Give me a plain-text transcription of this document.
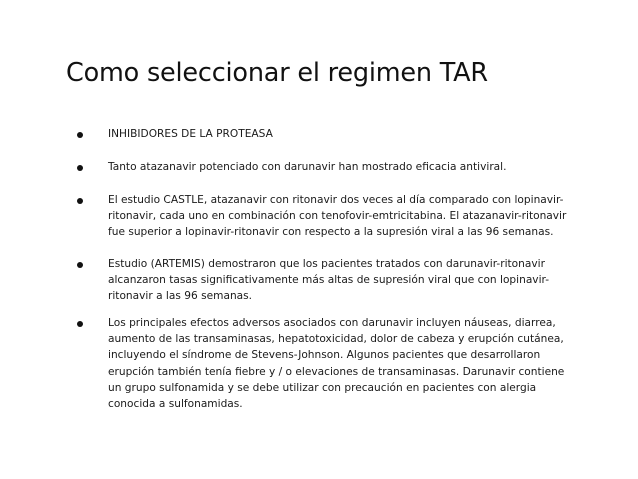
Como seleccionar el regimen TAR

INHIBIDORES DE LA PROTEASA

Tanto atazanavir potenciado con darunavir han mostrado eficacia antiviral.

El estudio CASTLE, atazanavir con ritonavir dos veces al día comparado con lopinavir-
ritonavir, cada uno en combinación con tenofovir-emtricitabina. El atazanavir-ritonavir
fue superior a lopinavir-ritonavir con respecto a la supresión viral a las 96 semanas.

Estudio (ARTEMIS) demostraron que los pacientes tratados con darunavir-ritonavir
alcanzaron tasas significativamente más altas de supresión viral que con lopinavir-
ritonavir a las 96 semanas.

Los principales efectos adversos asociados con darunavir incluyen náuseas, diarrea,
aumento de las transaminasas, hepatotoxicidad, dolor de cabeza y erupción cutánea,
incluyendo el síndrome de Stevens-Johnson. Algunos pacientes que desarrollaron
erupción también tenía fiebre y / o elevaciones de transaminasas. Darunavir contiene
un grupo sulfonamida y se debe utilizar con precaución en pacientes con alergia
conocida a sulfonamidas.
